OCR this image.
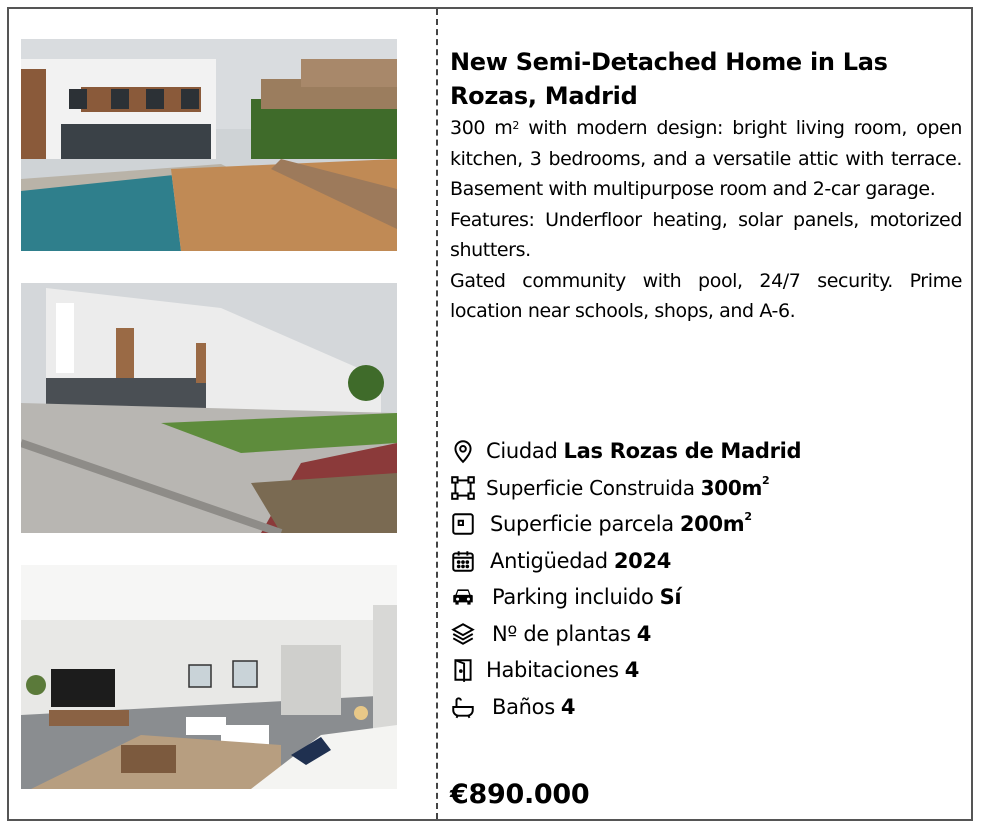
New Semi-Detached Home in Las Rozas, Madrid

300 $m^2$ with modern design: bright living room, open kitchen, 3 bedrooms, and a versatile attic with terrace. Basement with multipurpose room and 2-car garage.

Features: Underfloor heating, solar panels, motorized shutters.

Gated community with pool, 24/7 security. Prime location near schools, shops, and A-6.

Ciudad Las Rozas de Madrid
Superficie Construida $300m^2$
Superficie parcela $200m^2$
Antigüedad 2024
Parking incluido Sí
Nº de plantas 4
Habitaciones 4
Baños 4
€890.000
